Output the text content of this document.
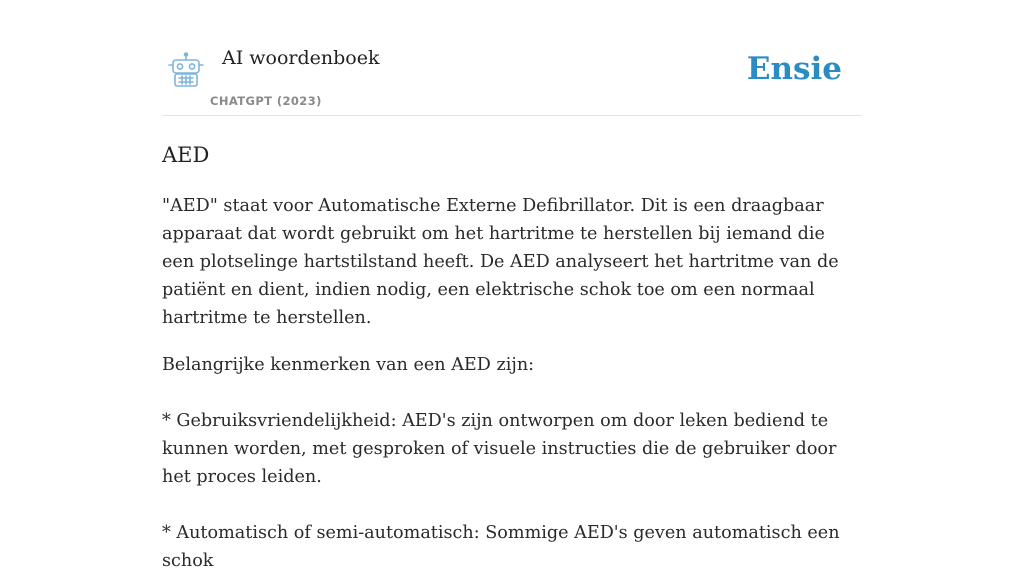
AI woordenboek
CHATGPT (2023)
Ensie
AED

"AED" staat voor Automatische Externe Defibrillator. Dit is een draagbaar apparaat dat wordt gebruikt om het hartritme te herstellen bij iemand die een plotselinge hartstilstand heeft. De AED analyseert het hartritme van de patiënt en dient, indien nodig, een elektrische schok toe om een normaal hartritme te herstellen.

Belangrijke kenmerken van een AED zijn:

* Gebruiksvriendelijkheid: AED's zijn ontworpen om door leken bediend te kunnen worden, met gesproken of visuele instructies die de gebruiker door het proces leiden.

* Automatisch of semi-automatisch: Sommige AED's geven automatisch een schok
